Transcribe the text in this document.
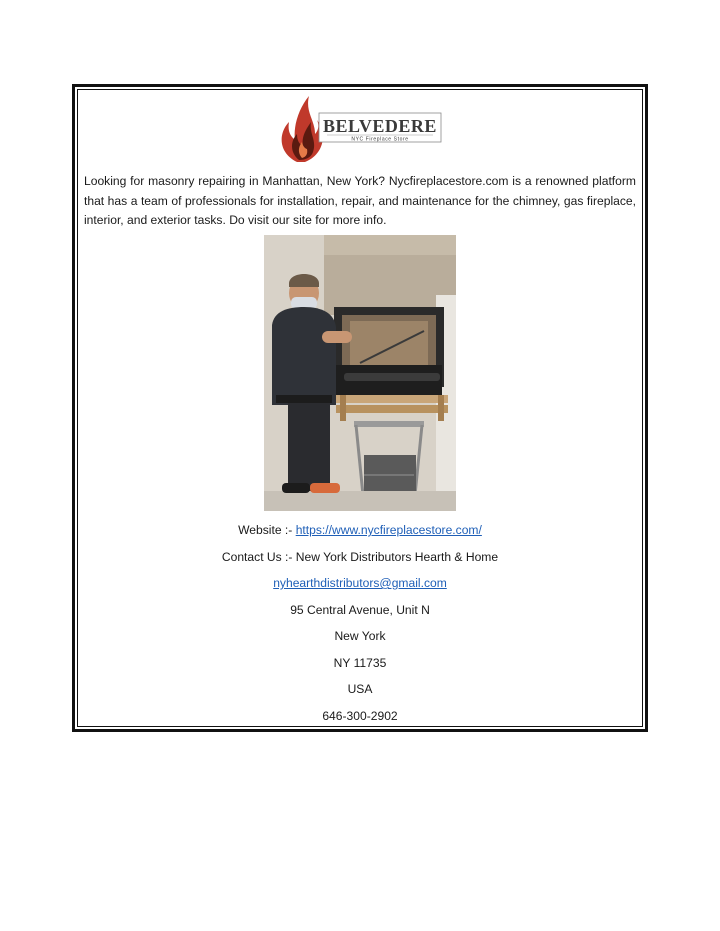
BELVEDERE
NYC Fireplace Store

Looking for masonry repairing in Manhattan, New York? Nycfireplacestore.com is a renowned platform that has a team of professionals for installation, repair, and maintenance for the chimney, gas fireplace, interior, and exterior tasks. Do visit our site for more info.

Website :- https://www.nycfireplacestore.com/

Contact Us :- New York Distributors Hearth & Home

nyhearthdistributors@gmail.com

95 Central Avenue, Unit N

New York

NY 11735

USA

646-300-2902
